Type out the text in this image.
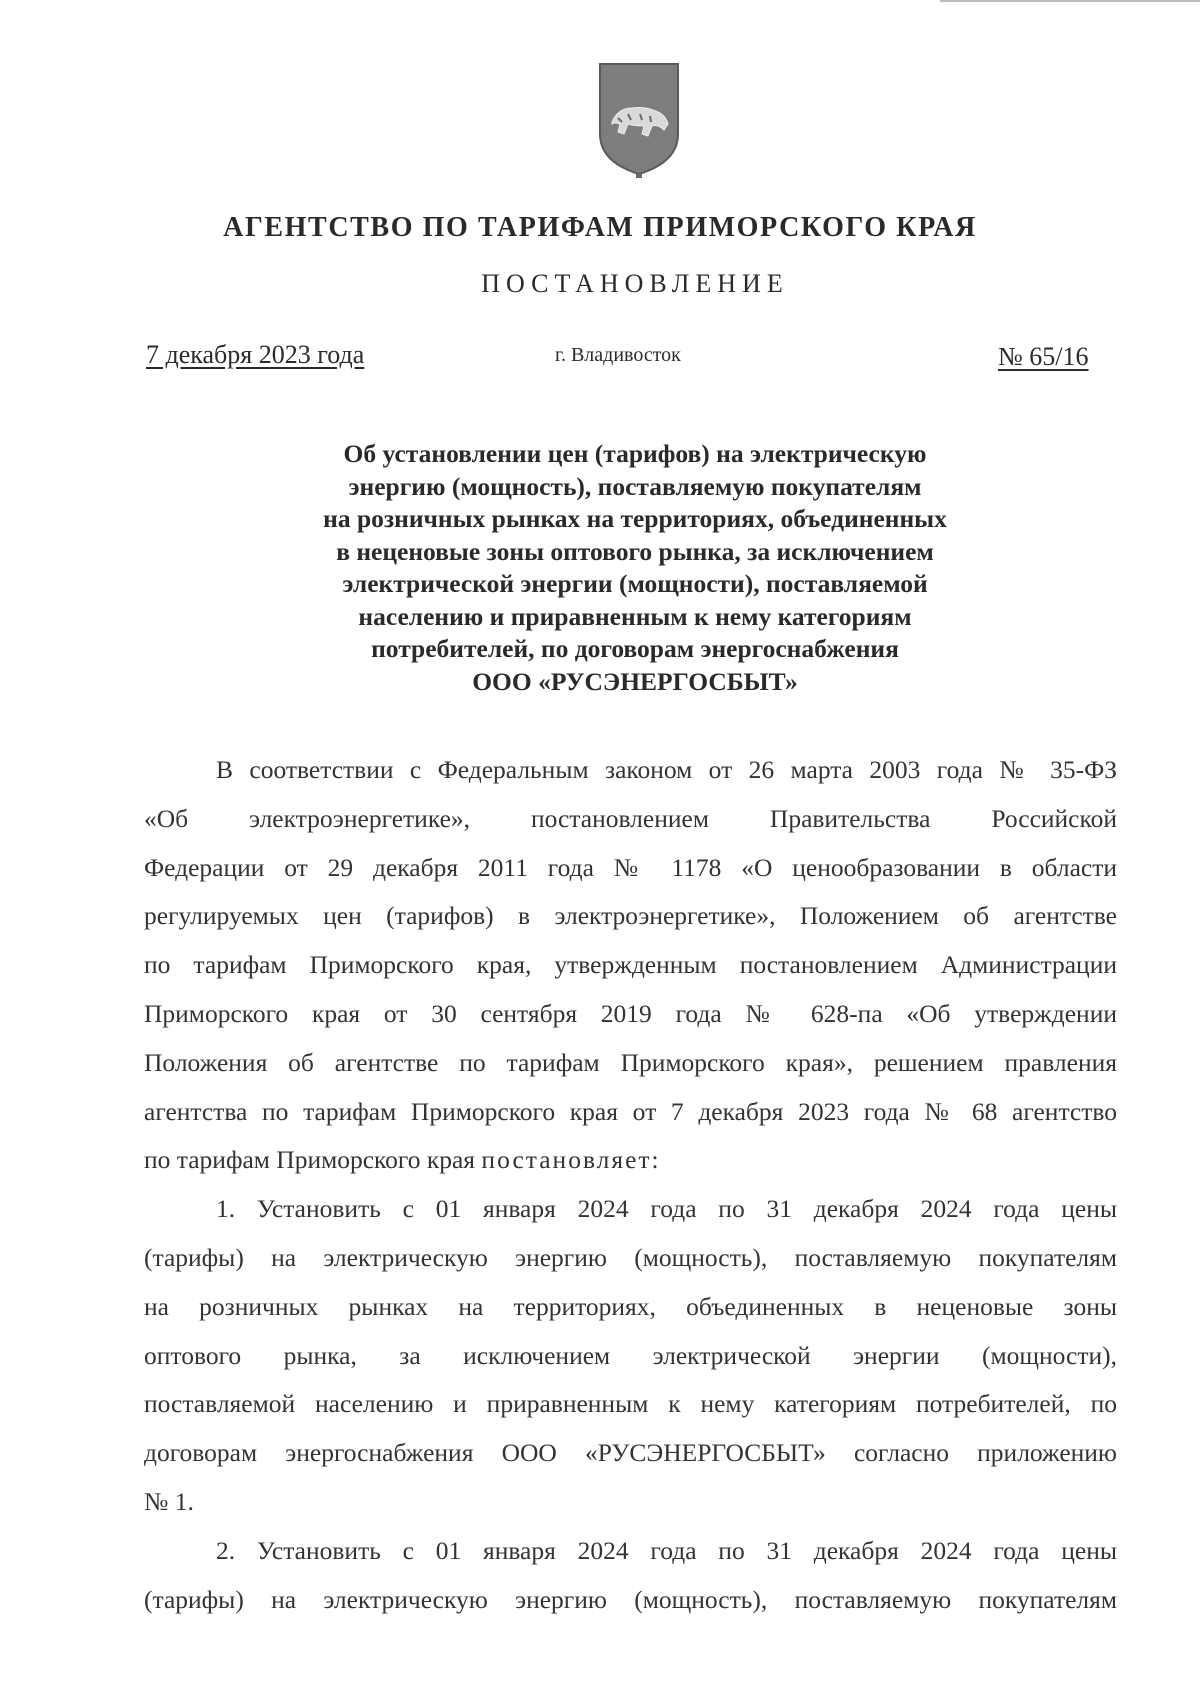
АГЕНТСТВО ПО ТАРИФАМ ПРИМОРСКОГО КРАЯ
ПОСТАНОВЛЕНИЕ
7 декабря 2023 года	г. Владивосток	№ 65/16
Об установлении цен (тарифов) на электрическую
энергию (мощность), поставляемую покупателям
на розничных рынках на территориях, объединенных
в неценовые зоны оптового рынка, за исключением
электрической энергии (мощности), поставляемой
населению и приравненным к нему категориям
потребителей, по договорам энергоснабжения
ООО «РУСЭНЕРГОСБЫТ»

В соответствии с Федеральным законом от 26 марта 2003 года № 35-ФЗ
«Об электроэнергетике», постановлением Правительства Российской
Федерации от 29 декабря 2011 года № 1178 «О ценообразовании в области
регулируемых цен (тарифов) в электроэнергетике», Положением об агентстве
по тарифам Приморского края, утвержденным постановлением Администрации
Приморского края от 30 сентября 2019 года № 628-па «Об утверждении
Положения об агентстве по тарифам Приморского края», решением правления
агентства по тарифам Приморского края от 7 декабря 2023 года № 68 агентство
по тарифам Приморского края постановляет:

1. Установить с 01 января 2024 года по 31 декабря 2024 года цены
(тарифы) на электрическую энергию (мощность), поставляемую покупателям
на розничных рынках на территориях, объединенных в неценовые зоны
оптового рынка, за исключением электрической энергии (мощности),
поставляемой населению и приравненным к нему категориям потребителей, по
договорам энергоснабжения ООО «РУСЭНЕРГОСБЫТ» согласно приложению
№ 1.

2. Установить с 01 января 2024 года по 31 декабря 2024 года цены
(тарифы) на электрическую энергию (мощность), поставляемую покупателям
